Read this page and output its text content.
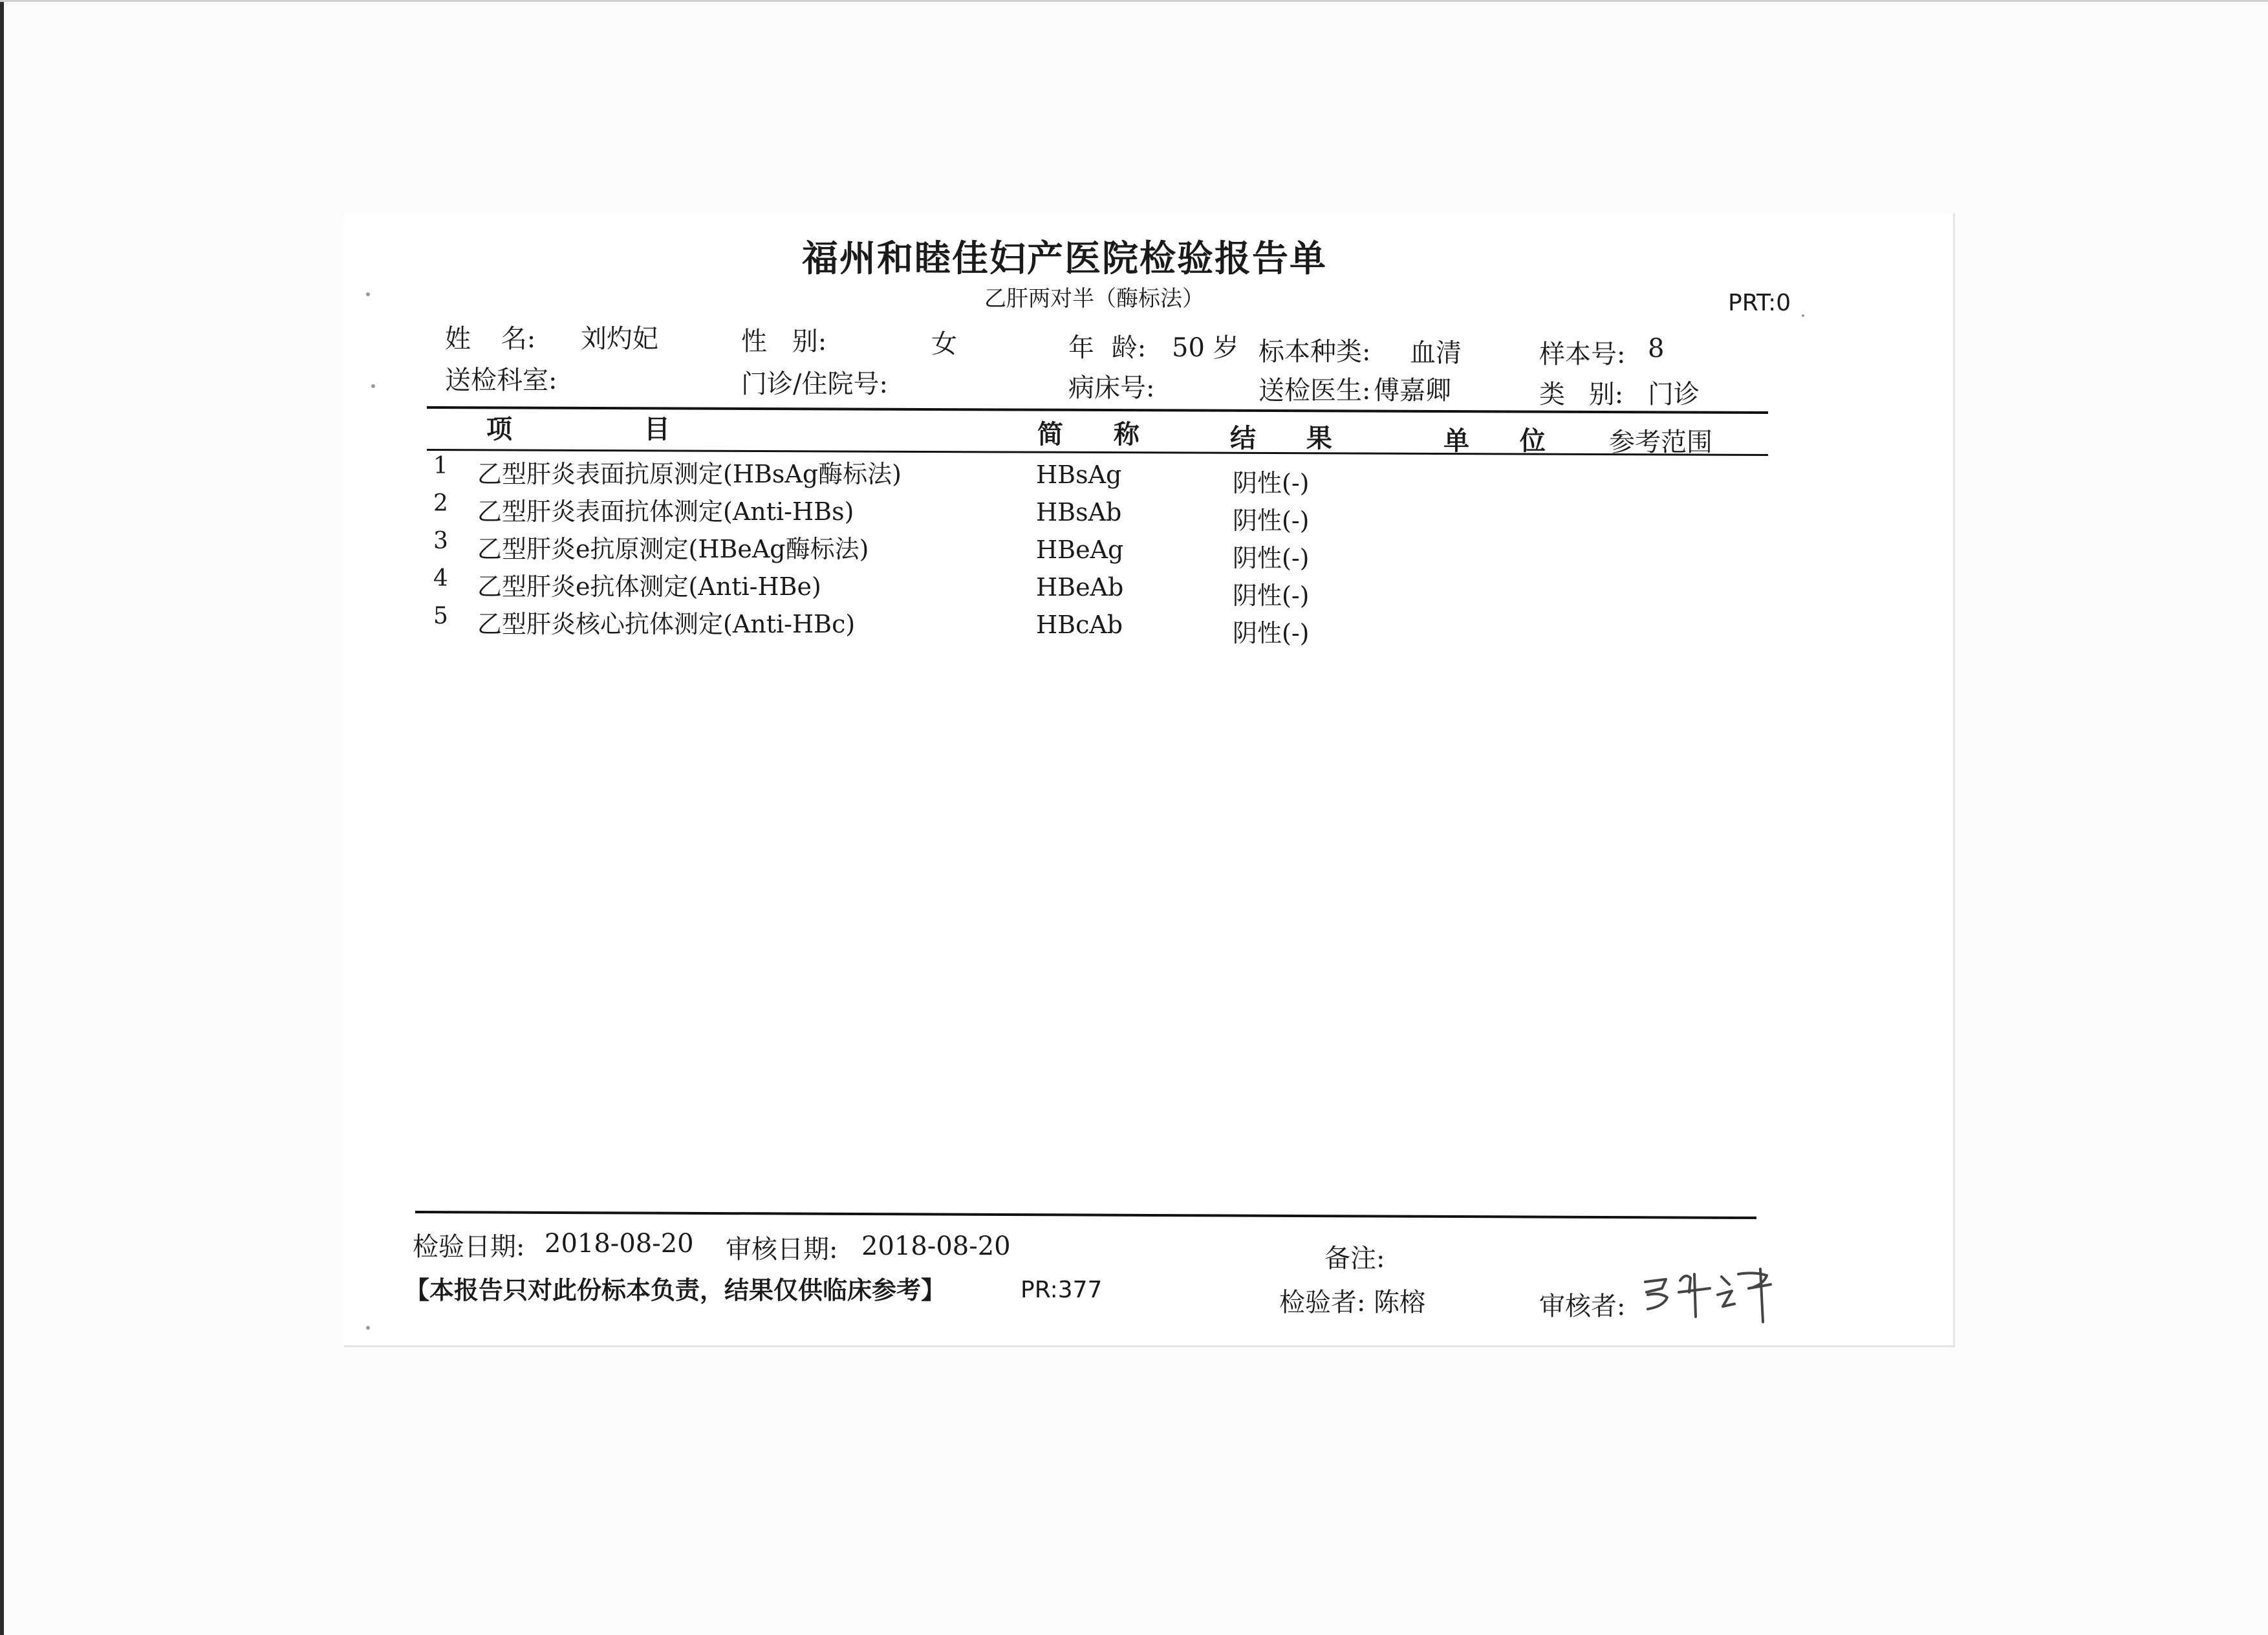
福州和睦佳妇产医院检验报告单
乙肝两对半（酶标法）	PRT:0
姓 名: 刘灼妃	性 别:	女	年 龄: 50 岁 标本种类: 血清	样本号: 8
送检科室:	门诊/住院号:	病床号:	送检医生: 傅嘉卿	类 别: 门诊
项 目	简 称	结 果	单 位 参考范围
1 乙型肝炎表面抗原测定(HBsAg酶标法)	HBsAg	阴性(-)
2 乙型肝炎表面抗体测定(Anti-HBs)	HBsAb	阴性(-)
3 乙型肝炎e抗原测定(HBeAg酶标法)	HBeAg	阴性(-)
4 乙型肝炎e抗体测定(Anti-HBe)	HBeAb	阴性(-)
5 乙型肝炎核心抗体测定(Anti-HBc)	HBcAb	阴性(-)
检验日期: 2018-08-20 审核日期: 2018-08-20	备注:
【本报告只对此份标本负责，结果仅供临床参考】	PR:377	检验者: 陈榕	审核者:
